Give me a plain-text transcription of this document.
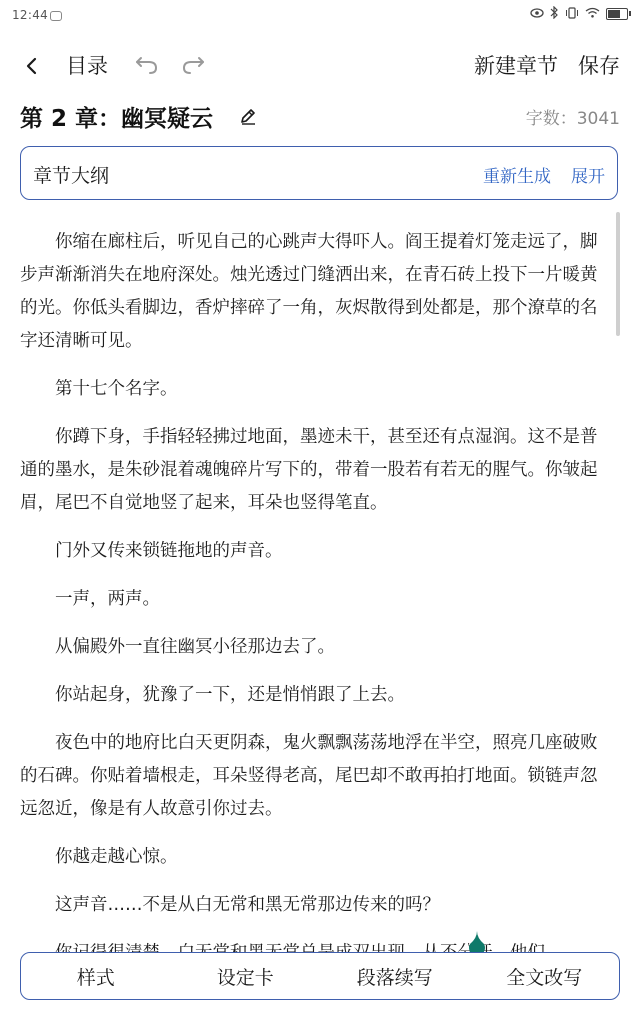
12:44
目录	新建章节 保存
第 2 章：幽冥疑云	字数：3041
章节大纲	重新生成 展开

你缩在廊柱后，听见自己的心跳声大得吓人。阎王提着灯笼走远了，脚步声渐渐消失在地府深处。烛光透过门缝洒出来，在青石砖上投下一片暖黄的光。你低头看脚边，香炉摔碎了一角，灰烬散得到处都是，那个潦草的名字还清晰可见。

第十七个名字。

你蹲下身，手指轻轻拂过地面，墨迹未干，甚至还有点湿润。这不是普通的墨水，是朱砂混着魂魄碎片写下的，带着一股若有若无的腥气。你皱起眉，尾巴不自觉地竖了起来，耳朵也竖得笔直。

门外又传来锁链拖地的声音。

一声，两声。

从偏殿外一直往幽冥小径那边去了。

你站起身，犹豫了一下，还是悄悄跟了上去。

夜色中的地府比白天更阴森，鬼火飘飘荡荡地浮在半空，照亮几座破败的石碑。你贴着墙根走，耳朵竖得老高，尾巴却不敢再拍打地面。锁链声忽远忽近，像是有人故意引你过去。

你越走越心惊。

这声音……不是从白无常和黑无常那边传来的吗？

样式	设定卡	段落续写	全文改写
